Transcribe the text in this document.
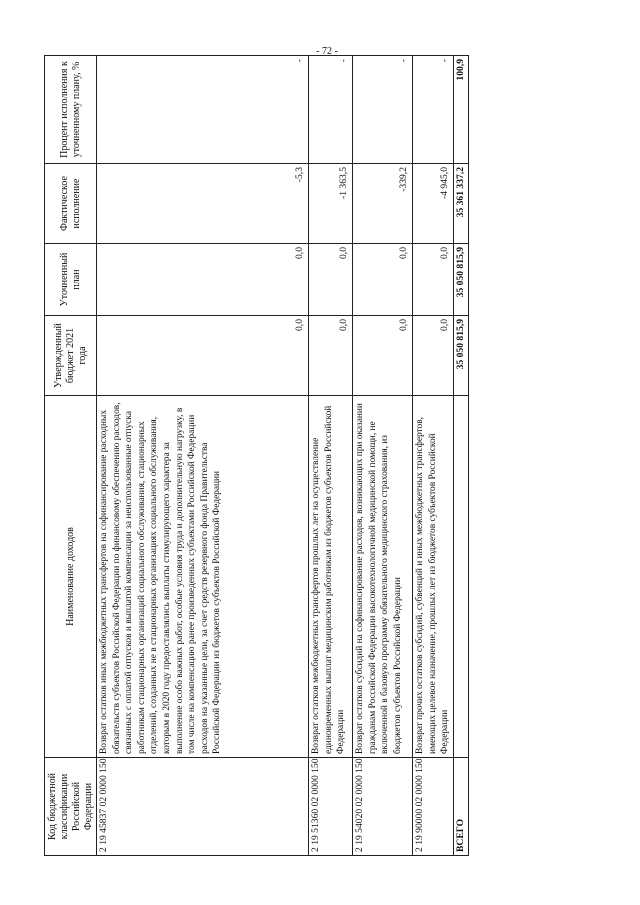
- 72 -
Код бюджетной классификации Российской Федерации	Наименование доходов	Утвержденный бюджет 2021 года	Уточненный план	Фактическое исполнение	Процент исполнения к уточненному плану, %
2 19 45837 02 0000 150	Возврат остатков иных межбюджетных трансфертов на софинансирование расходных обязательств субъектов Российской Федерации по финансовому обеспечению расходов, связанных с оплатой отпусков и выплатой компенсации за неиспользованные отпуска работникам стационарных организаций социального обслуживания, стационарных отделений, созданных не в стационарных организациях социального обслуживания, которым в 2020 году предоставлялись выплаты стимулирующего характера за выполнение особо важных работ, особые условия труда и дополнительную нагрузку, в том числе на компенсацию ранее произведенных субъектами Российской Федерации расходов на указанные цели, за счет средств резервного фонда Правительства Российской Федерации из бюджетов субъектов Российской Федерации	0,0	0,0	-5,3	-
2 19 51360 02 0000 150	Возврат остатков межбюджетных трансфертов прошлых лет на осуществление единовременных выплат медицинским работникам из бюджетов субъектов Российской Федерации	0,0	0,0	-1 363,5	-
2 19 54020 02 0000 150	Возврат остатков субсидий на софинансирование расходов, возникающих при оказании гражданам Российской Федерации высокотехнологичной медицинской помощи, не включенной в базовую программу обязательного медицинского страхования, из бюджетов субъектов Российской Федерации	0,0	0,0	-339,2	-
2 19 90000 02 0000 150	Возврат прочих остатков субсидий, субвенций и иных межбюджетных трансфертов, имеющих целевое назначение, прошлых лет из бюджетов субъектов Российской Федерации	0,0	0,0	-4 945,0	-
ВСЕГО		35 050 815,9	35 050 815,9	35 361 337,2	100,9
